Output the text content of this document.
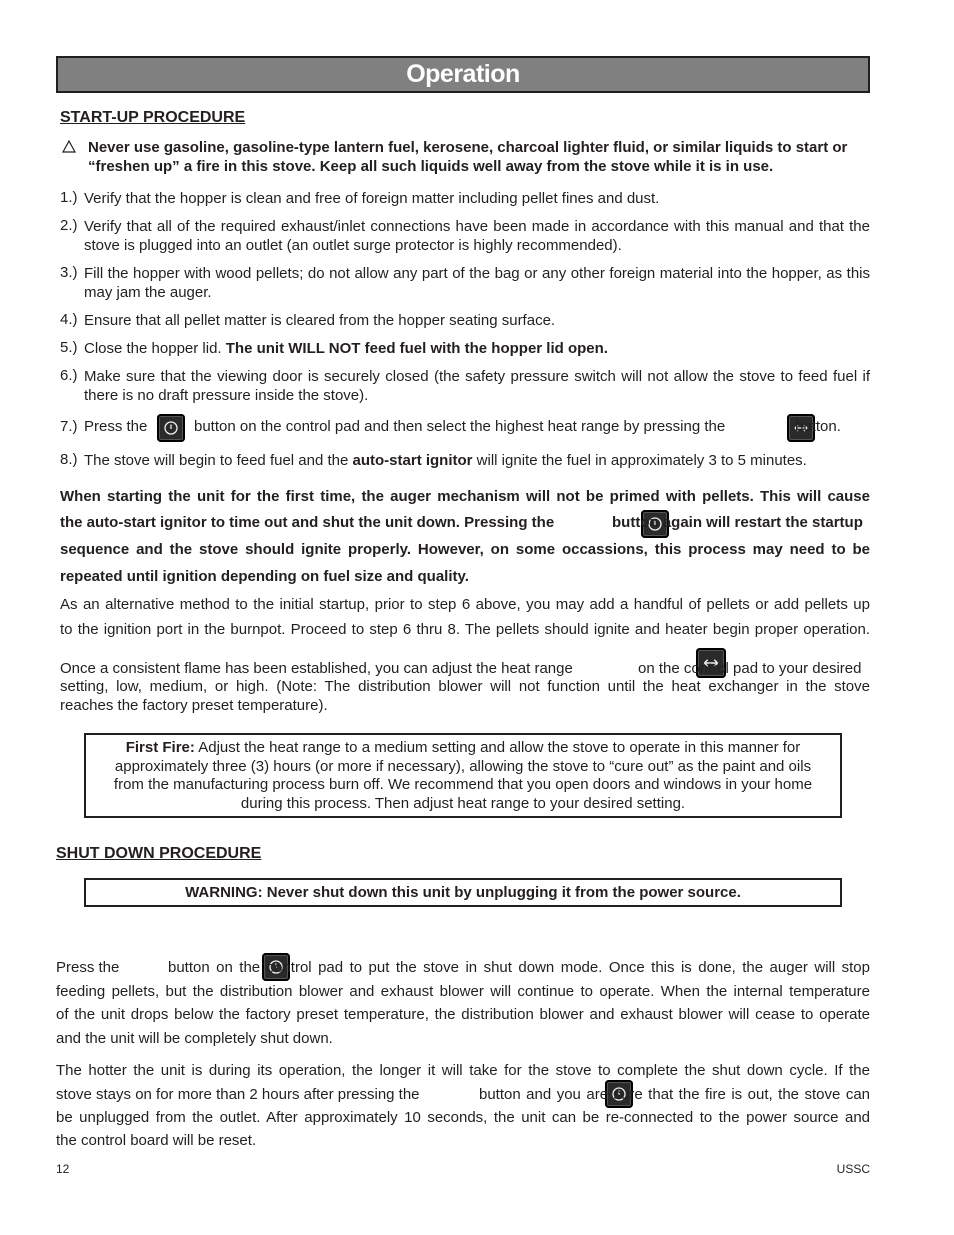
Operation
START-UP PROCEDURE
Never use gasoline, gasoline-type lantern fuel, kerosene, charcoal lighter fluid, or similar liquids to start or
“freshen up” a fire in this stove. Keep all such liquids well away from the stove while it is in use.
1.) Verify that the hopper is clean and free of foreign matter including pellet fines and dust.
2.) Verify that all of the required exhaust/inlet connections have been made in accordance with this manual and that the stove is plugged into an outlet (an outlet surge protector is highly recommended).
3.) Fill the hopper with wood pellets; do not allow any part of the bag or any other foreign material into the hopper, as this may jam the auger.
4.) Ensure that all pellet matter is cleared from the hopper seating surface.
5.) Close the hopper lid. The unit WILL NOT feed fuel with the hopper lid open.
6.) Make sure that the viewing door is securely closed (the safety pressure switch will not allow the stove to feed fuel if there is no draft pressure inside the stove).
7.) Press the
	button on the control pad and then select the highest heat range by pressing the
	button.
8.) The stove will begin to feed fuel and the auto-start ignitor will ignite the fuel in approximately 3 to 5 minutes.
When starting the unit for the first time, the auger mechanism will not be primed with pellets. This will cause
the auto-start ignitor to time out and shut the unit down. Pressing the
	button again will restart the startup
sequence and the stove should ignite properly. However, on some occassions, this process may need to be
repeated until ignition depending on fuel size and quality.
As an alternative method to the initial startup, prior to step 6 above, you may add a handful of pellets or add pellets up
to the ignition port in the burnpot. Proceed to step 6 thru 8. The pellets should ignite and heater begin proper operation.
Once a consistent flame has been established, you can adjust the heat range
	on the control pad to your desired
setting, low, medium, or high. (Note: The distribution blower will not function until the heat exchanger in the stove
reaches the factory preset temperature).
First Fire: Adjust the heat range to a medium setting and allow the stove to operate in this manner for
approximately three (3) hours (or more if necessary), allowing the stove to “cure out” as the paint and oils
from the manufacturing process burn off. We recommend that you open doors and windows in your home
during this process. Then adjust heat range to your desired setting.
SHUT DOWN PROCEDURE
WARNING: Never shut down this unit by unplugging it from the power source.
Press the
	button on the control pad to put the stove in shut down mode. Once this is done, the auger will stop
feeding pellets, but the distribution blower and exhaust blower will continue to operate. When the internal temperature
of the unit drops below the factory preset temperature, the distribution blower and exhaust blower will cease to operate
and the unit will be completely shut down.
The hotter the unit is during its operation, the longer it will take for the stove to complete the shut down cycle. If the
stove stays on for more than 2 hours after pressing the	button and you are sure that the fire is out, the stove can
be unplugged from the outlet. After approximately 10 seconds, the unit can be re-connected to the power source and
the control board will be reset.
12	USSC
